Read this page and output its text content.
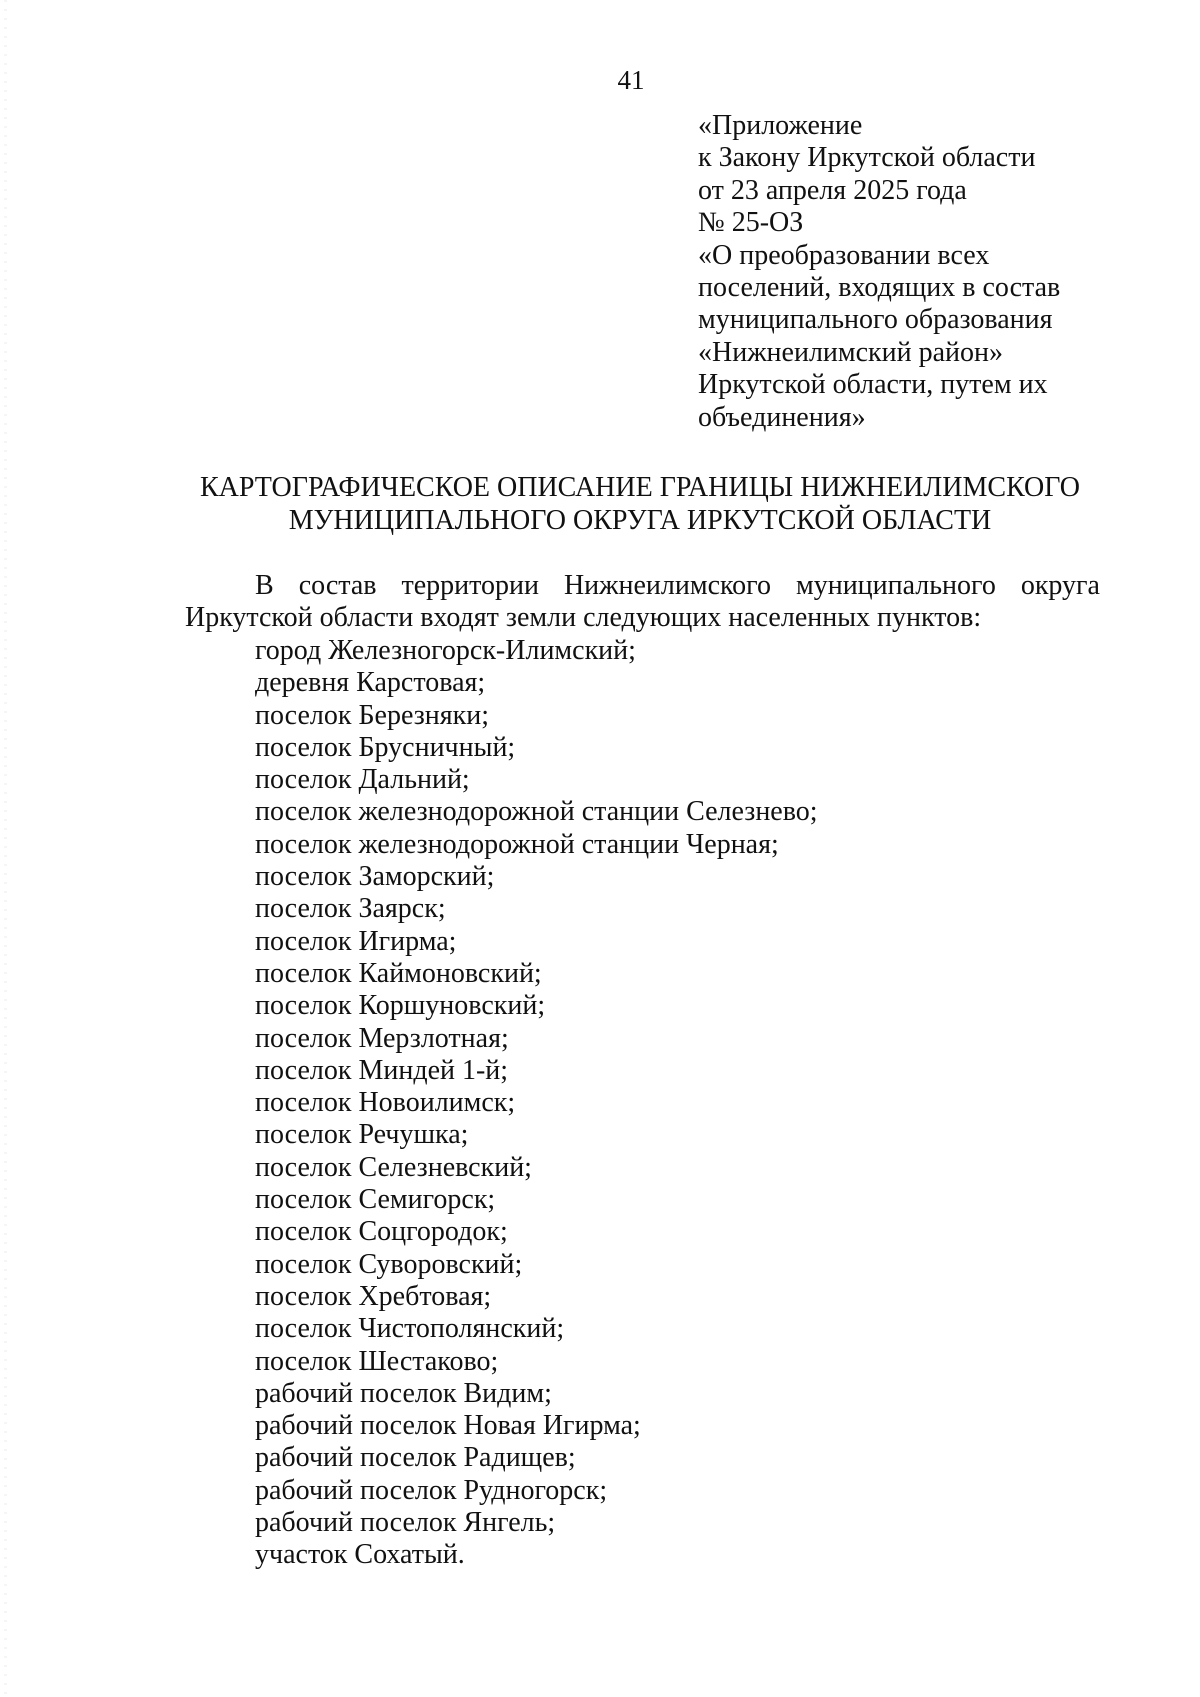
41
«Приложение
к Закону Иркутской области
от 23 апреля 2025 года
№ 25-ОЗ
«О преобразовании всех
поселений, входящих в состав
муниципального образования
«Нижнеилимский район»
Иркутской области, путем их
объединения»
КАРТОГРАФИЧЕСКОЕ ОПИСАНИЕ ГРАНИЦЫ НИЖНЕИЛИМСКОГО
МУНИЦИПАЛЬНОГО ОКРУГА ИРКУТСКОЙ ОБЛАСТИ
В состав территории Нижнеилимского муниципального округа
Иркутской области входят земли следующих населенных пунктов:
город Железногорск-Илимский;
деревня Карстовая;
поселок Березняки;
поселок Брусничный;
поселок Дальний;
поселок железнодорожной станции Селезнево;
поселок железнодорожной станции Черная;
поселок Заморский;
поселок Заярск;
поселок Игирма;
поселок Каймоновский;
поселок Коршуновский;
поселок Мерзлотная;
поселок Миндей 1-й;
поселок Новоилимск;
поселок Речушка;
поселок Селезневский;
поселок Семигорск;
поселок Соцгородок;
поселок Суворовский;
поселок Хребтовая;
поселок Чистополянский;
поселок Шестаково;
рабочий поселок Видим;
рабочий поселок Новая Игирма;
рабочий поселок Радищев;
рабочий поселок Рудногорск;
рабочий поселок Янгель;
участок Сохатый.
